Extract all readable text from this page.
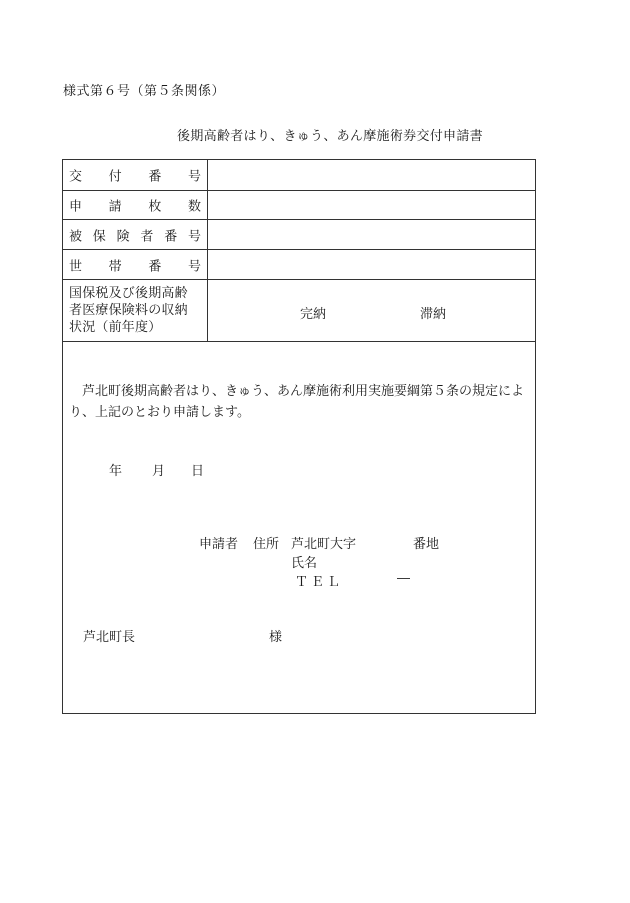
様式第６号（第５条関係）
後期高齢者はり、きゅう、あん摩施術券交付申請書
交 付 番 号
申 請 枚 数
被 保 険 者 番 号
世 帯 番 号
国保税及び後期高齢
者医療保険料の収納
状況（前年度）
完納	滞納
芦北町後期高齢者はり、きゅう、あん摩施術利用実施要綱第５条の規定により、上記のとおり申請します。
年 月 日
申請者 住所 芦北町大字	番地
氏名
ＴＥＬ	―
芦北町長	様
